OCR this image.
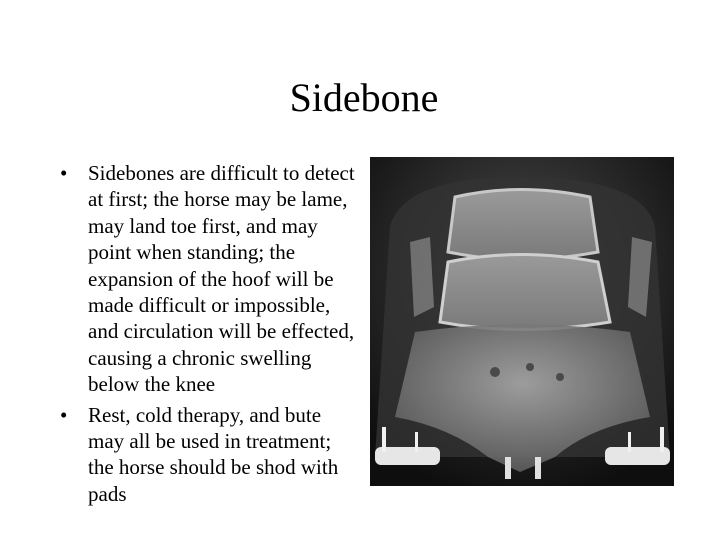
Sidebone
• Sidebones are difficult to detect at first; the horse may be lame, may land toe first, and may point when standing; the expansion of the hoof will be made difficult or impossible, and circulation will be effected, causing a chronic swelling below the knee
• Rest, cold therapy, and bute may all be used in treatment; the horse should be shod with pads
